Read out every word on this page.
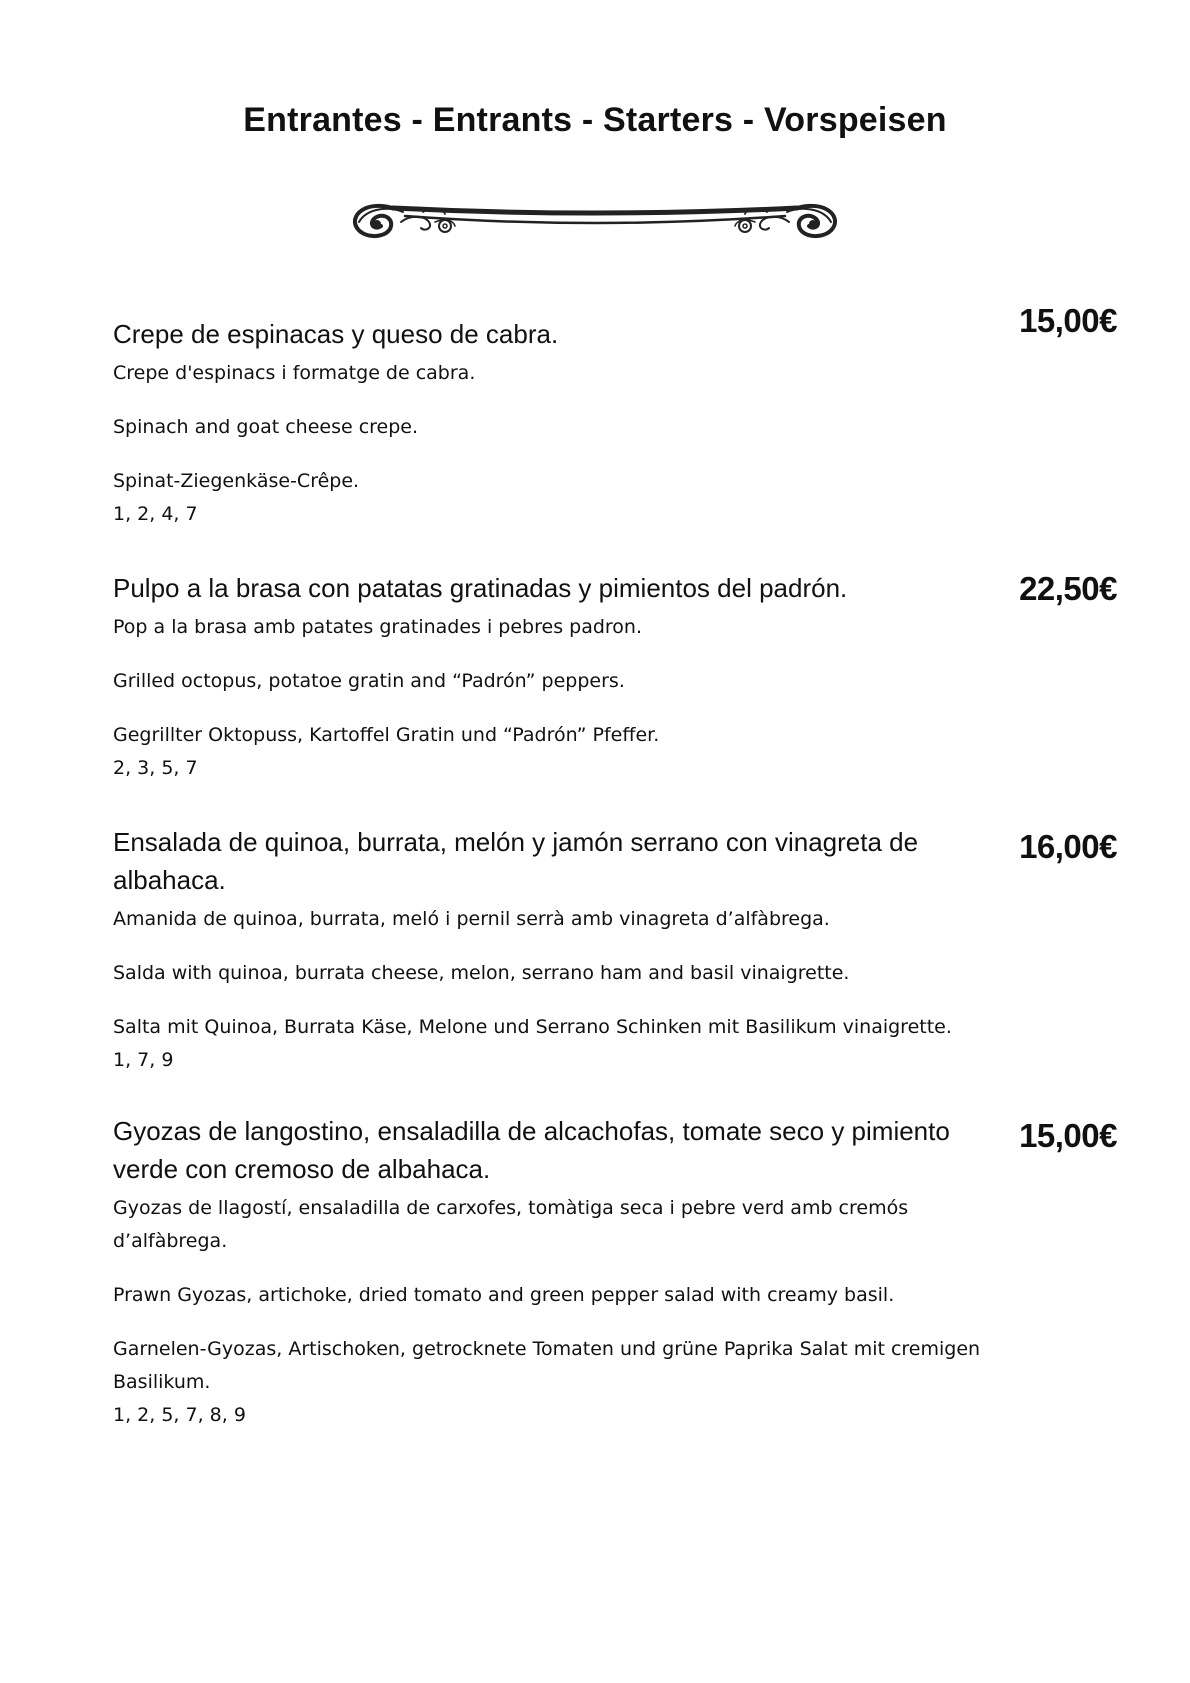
Entrantes - Entrants - Starters - Vorspeisen
Crepe de espinacas y queso de cabra.	15,00€

Crepe d'espinacs i formatge de cabra.

Spinach and goat cheese crepe.

Spinat-Ziegenkäse-Crêpe.

1, 2, 4, 7

Pulpo a la brasa con patatas gratinadas y pimientos del padrón.	22,50€

Pop a la brasa amb patates gratinades i pebres padron.

Grilled octopus, potatoe gratin and “Padrón” peppers.

Gegrillter Oktopuss, Kartoffel Gratin und “Padrón” Pfeffer.

2, 3, 5, 7

Ensalada de quinoa, burrata, melón y jamón serrano con vinagreta de albahaca.
16,00€

Amanida de quinoa, burrata, meló i pernil serrà amb vinagreta d’alfàbrega.

Salda with quinoa, burrata cheese, melon, serrano ham and basil vinaigrette.

Salta mit Quinoa, Burrata Käse, Melone und Serrano Schinken mit Basilikum vinaigrette.

1, 7, 9

Gyozas de langostino, ensaladilla de alcachofas, tomate seco y pimiento verde con cremoso de albahaca.
15,00€

Gyozas de llagostí, ensaladilla de carxofes, tomàtiga seca i pebre verd amb cremós d’alfàbrega.

Prawn Gyozas, artichoke, dried tomato and green pepper salad with creamy basil.

Garnelen-Gyozas, Artischoken, getrocknete Tomaten und grüne Paprika Salat mit cremigen Basilikum.

1, 2, 5, 7, 8, 9
